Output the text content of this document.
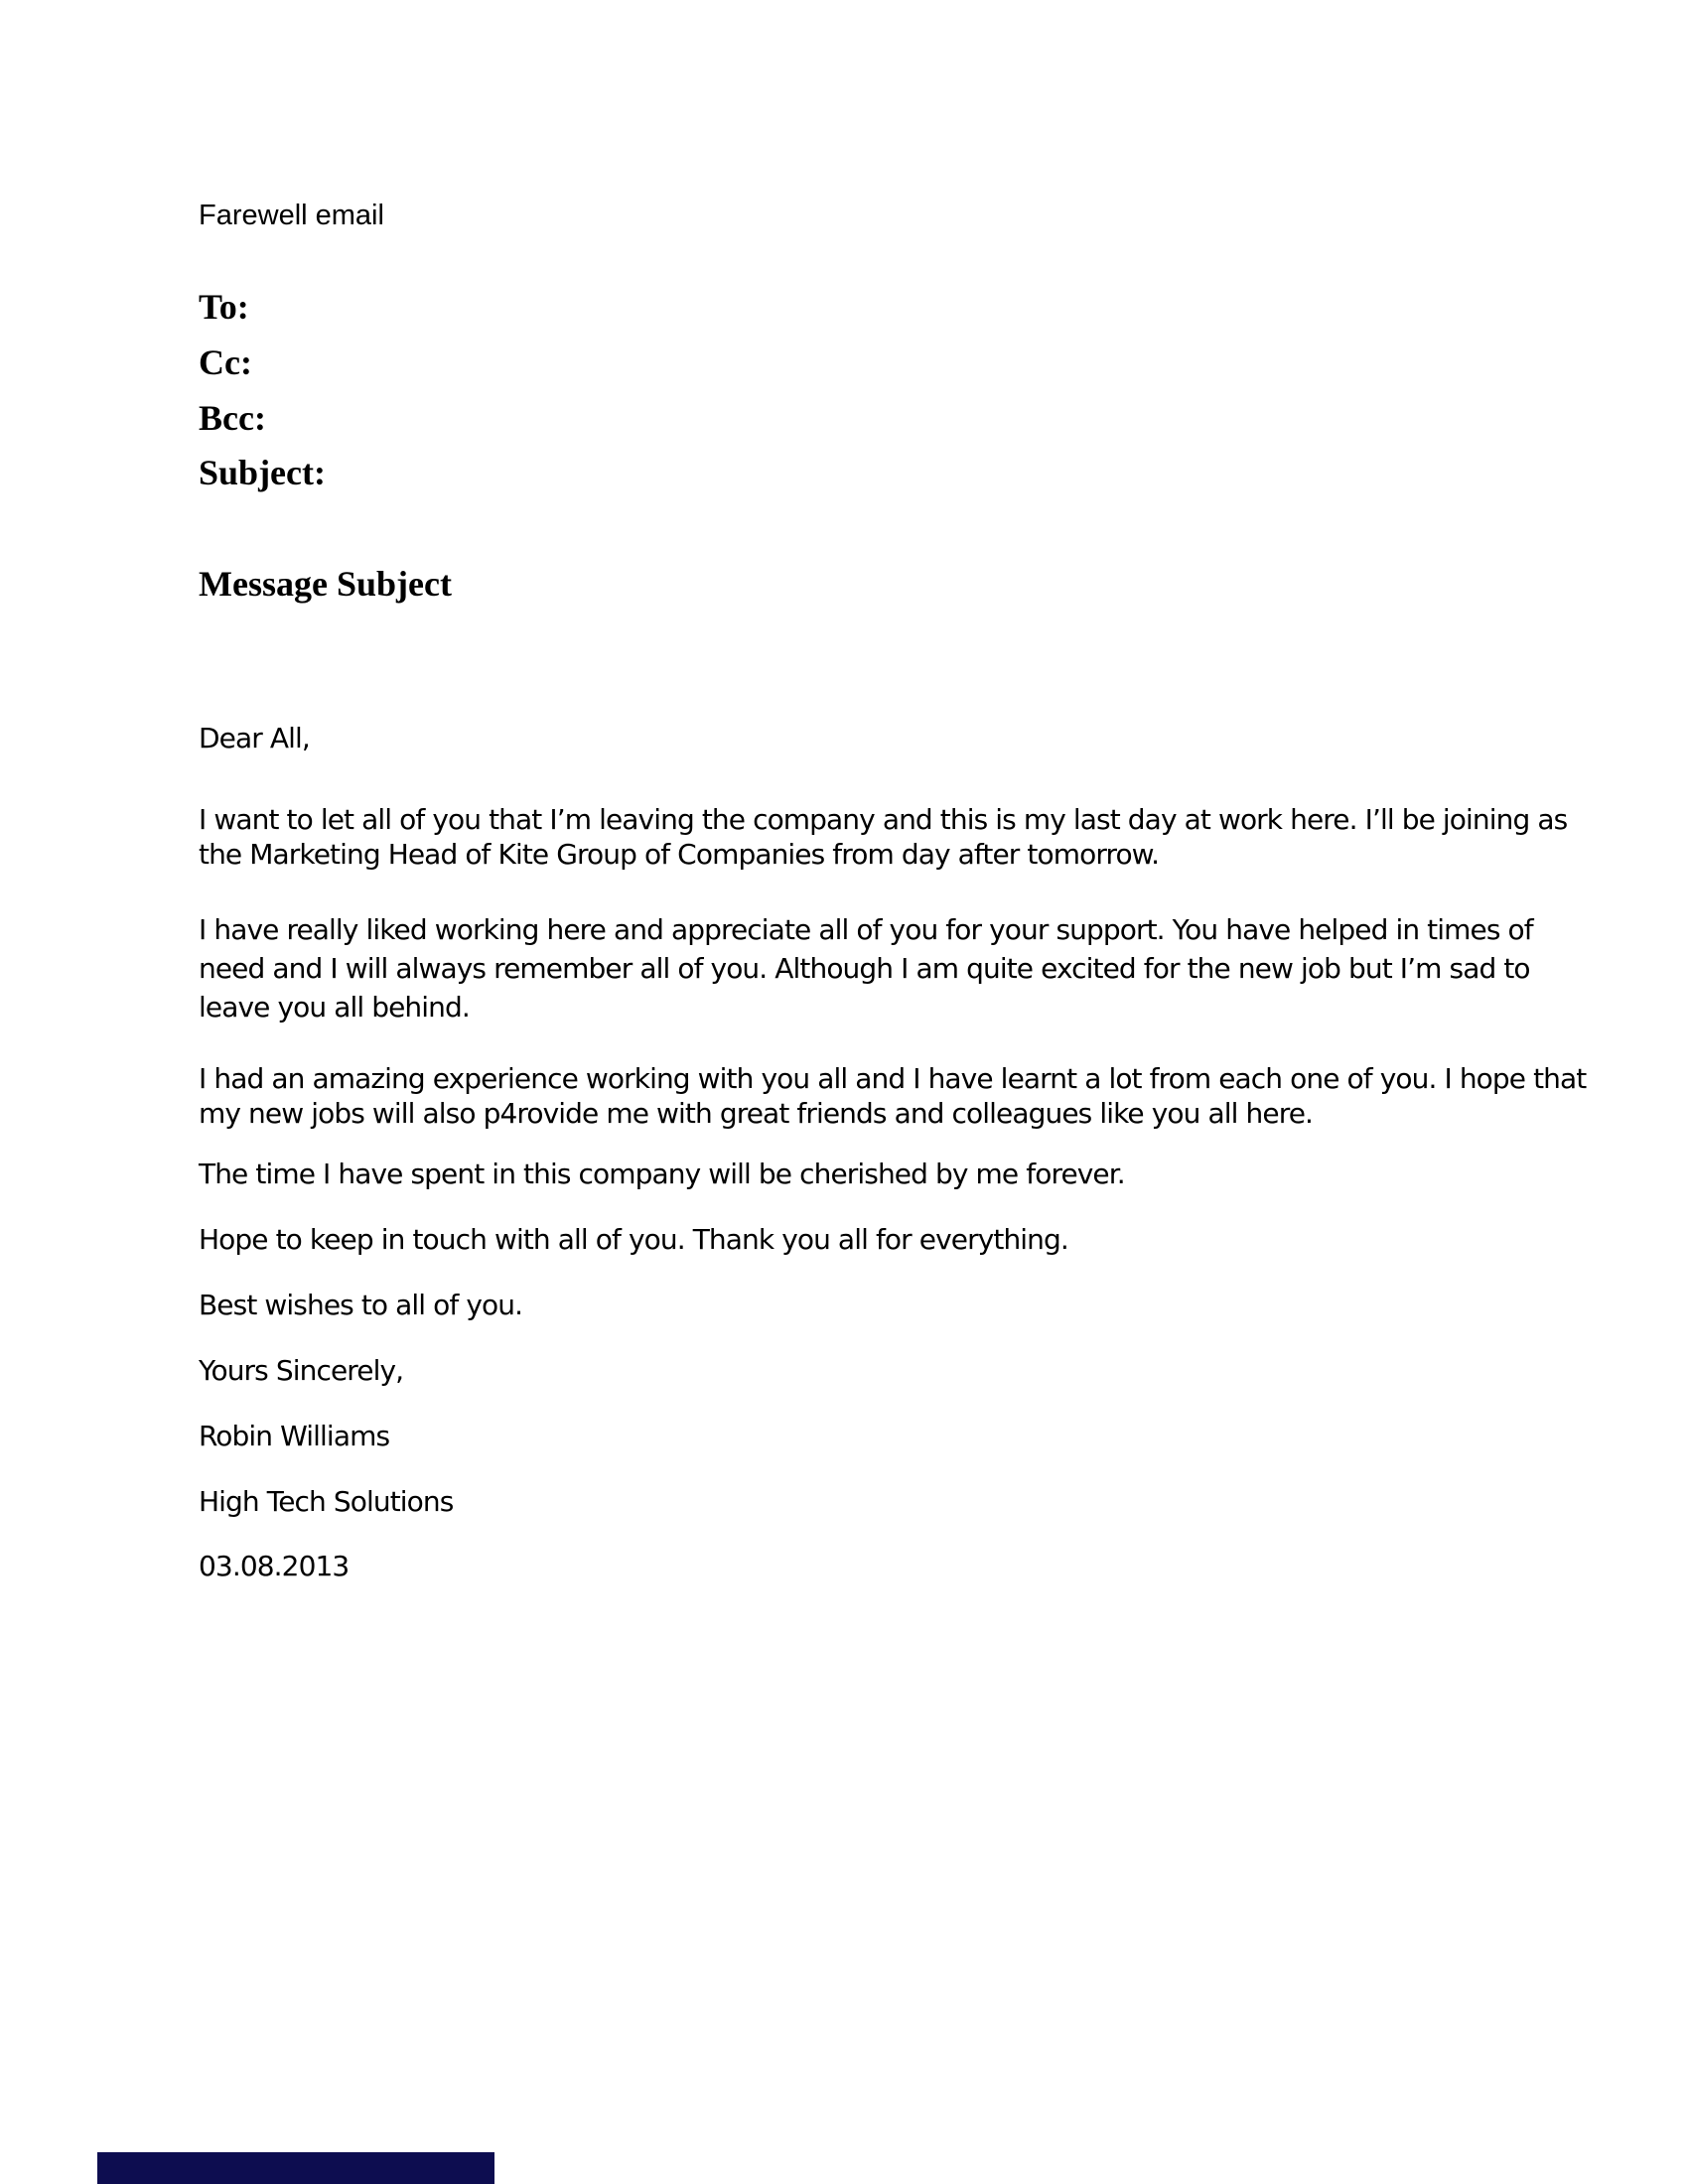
Farewell email
To:
Cc:
Bcc:
Subject:
Message Subject

Dear All,

I want to let all of you that I’m leaving the company and this is my last day at work here. I’ll be joining as the Marketing Head of Kite Group of Companies from day after tomorrow.

I have really liked working here and appreciate all of you for your support. You have helped in times of need and I will always remember all of you. Although I am quite excited for the new job but I’m sad to leave you all behind.

I had an amazing experience working with you all and I have learnt a lot from each one of you. I hope that my new jobs will also p4rovide me with great friends and colleagues like you all here.

The time I have spent in this company will be cherished by me forever.

Hope to keep in touch with all of you. Thank you all for everything.

Best wishes to all of you.

Yours Sincerely,

Robin Williams

High Tech Solutions

03.08.2013
